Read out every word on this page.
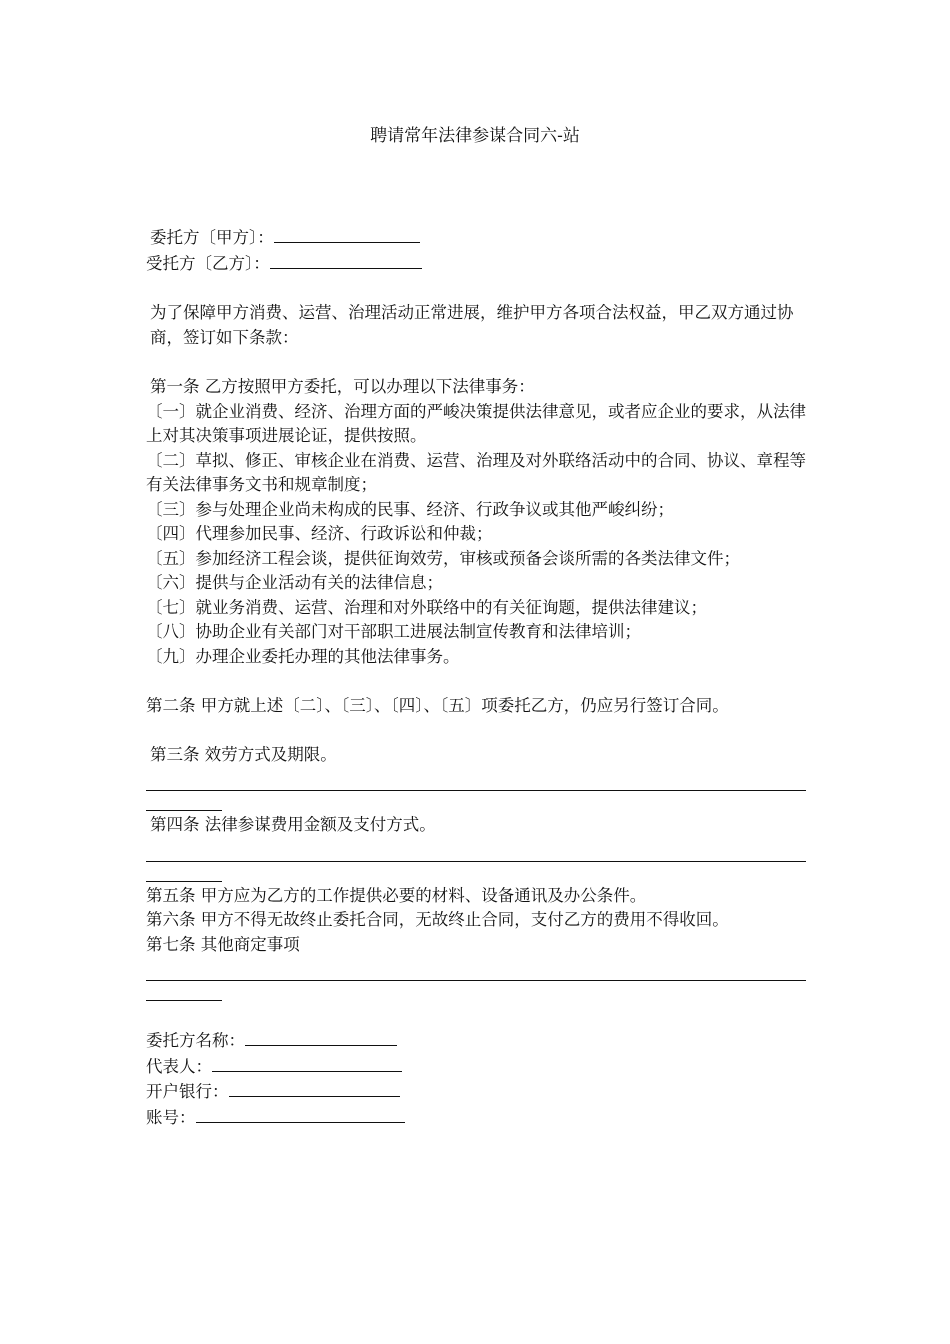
聘请常年法律参谋合同六-站
委托方〔甲方〕：
受托方〔乙方〕：
为了保障甲方消费、运营、治理活动正常进展，维护甲方各项合法权益，甲乙双方通过协商，签订如下条款：
第一条 乙方按照甲方委托，可以办理以下法律事务：
〔一〕就企业消费、经济、治理方面的严峻决策提供法律意见，或者应企业的要求，从法律上对其决策事项进展论证，提供按照。
〔二〕草拟、修正、审核企业在消费、运营、治理及对外联络活动中的合同、协议、章程等有关法律事务文书和规章制度；
〔三〕参与处理企业尚未构成的民事、经济、行政争议或其他严峻纠纷；
〔四〕代理参加民事、经济、行政诉讼和仲裁；
〔五〕参加经济工程会谈，提供征询效劳，审核或预备会谈所需的各类法律文件；
〔六〕提供与企业活动有关的法律信息；
〔七〕就业务消费、运营、治理和对外联络中的有关征询题，提供法律建议；
〔八〕协助企业有关部门对干部职工进展法制宣传教育和法律培训；
〔九〕办理企业委托办理的其他法律事务。
第二条 甲方就上述〔二〕、〔三〕、〔四〕、〔五〕项委托乙方，仍应另行签订合同。
第三条 效劳方式及期限。
第四条 法律参谋费用金额及支付方式。
第五条 甲方应为乙方的工作提供必要的材料、设备通讯及办公条件。
第六条 甲方不得无故终止委托合同，无故终止合同，支付乙方的费用不得收回。
第七条 其他商定事项
委托方名称：
代表人：
开户银行：
账号：
